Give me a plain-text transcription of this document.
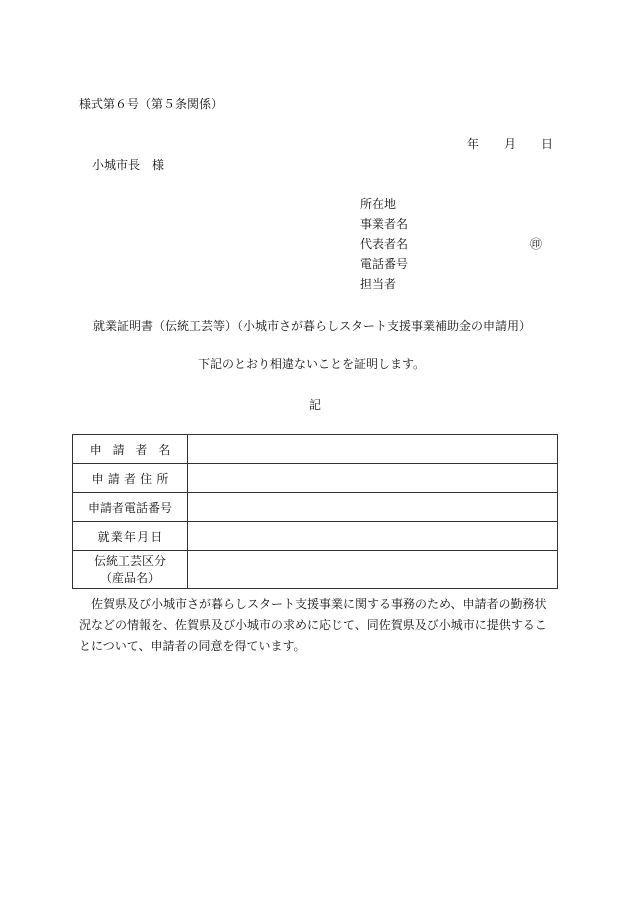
様式第６号（第５条関係）
年 月 日
小城市長　様
所在地
事業者名
代表者名	㊞
電話番号
担当者
就業証明書（伝統工芸等）（小城市さが暮らしスタート支援事業補助金の申請用）
下記のとおり相違ないことを証明します。
記
申請者名	
申請者住所	
申請者電話番号	
就業年月日	

伝統工芸区分
（産品名）	

佐賀県及び小城市さが暮らしスタート支援事業に関する事務のため、申請者の勤務状況などの情報を、佐賀県及び小城市の求めに応じて、同佐賀県及び小城市に提供することについて、申請者の同意を得ています。
